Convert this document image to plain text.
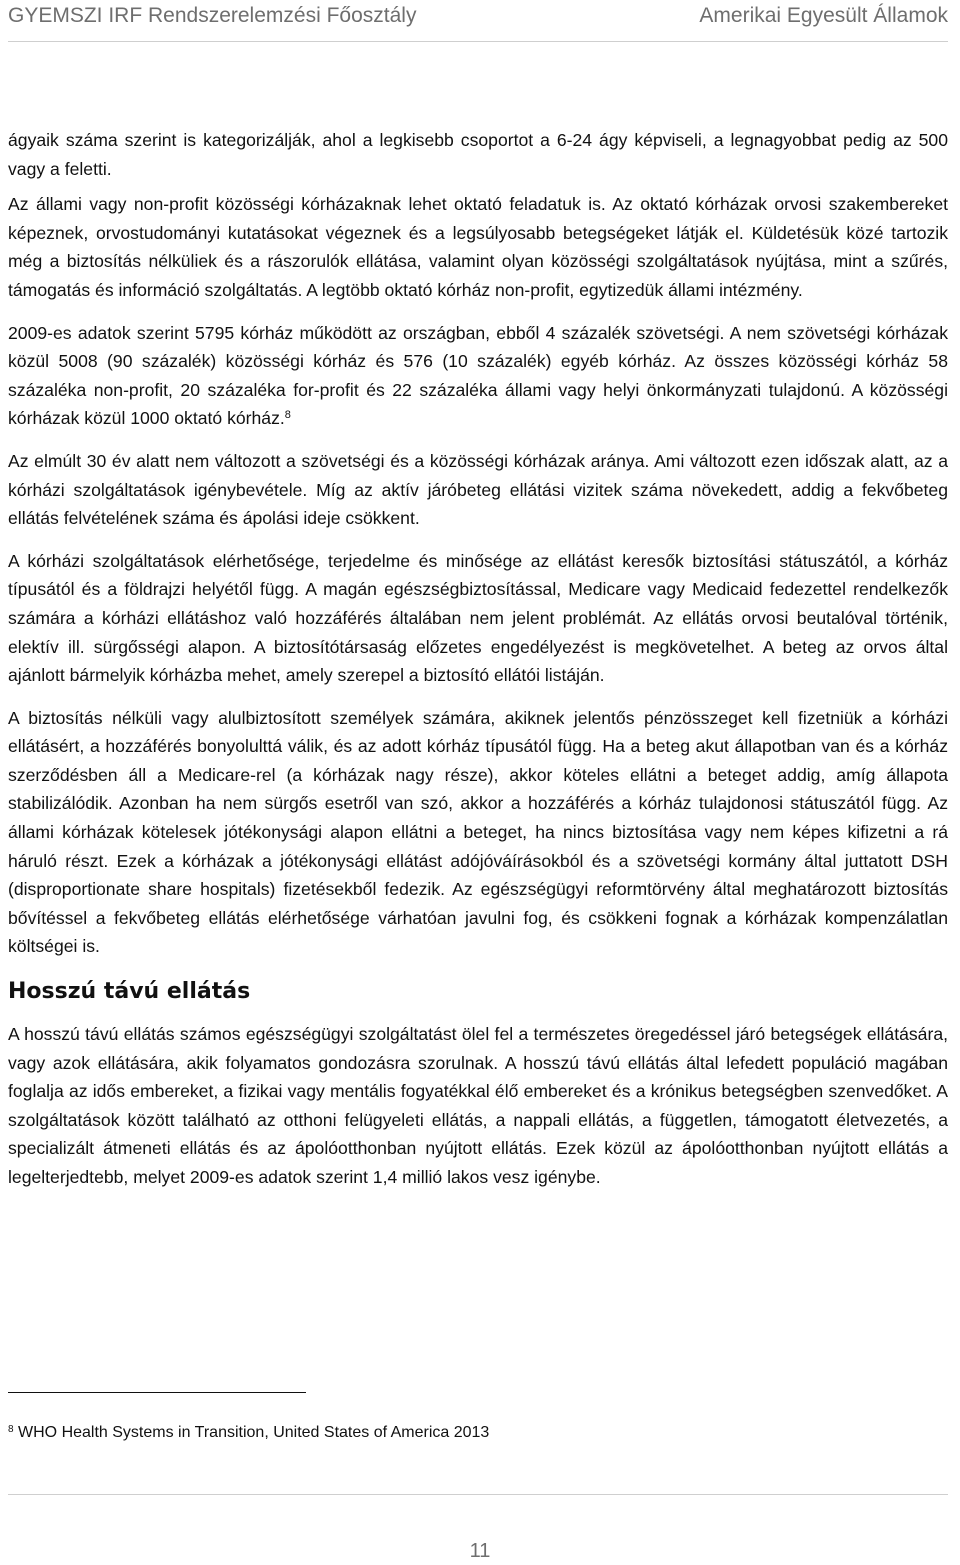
GYEMSZI IRF Rendszerelemzési Főosztály	Amerikai Egyesült Államok

ágyaik száma szerint is kategorizálják, ahol a legkisebb csoportot a 6-24 ágy képviseli, a legnagyobbat pedig az 500 vagy a feletti.

Az állami vagy non-profit közösségi kórházaknak lehet oktató feladatuk is. Az oktató kórházak orvosi szakembereket képeznek, orvostudományi kutatásokat végeznek és a legsúlyosabb betegségeket látják el. Küldetésük közé tartozik még a biztosítás nélküliek és a rászorulók ellátása, valamint olyan közösségi szolgáltatások nyújtása, mint a szűrés, támogatás és információ szolgáltatás. A legtöbb oktató kórház non-profit, egytizedük állami intézmény.

2009-es adatok szerint 5795 kórház működött az országban, ebből 4 százalék szövetségi. A nem szövetségi kórházak közül 5008 (90 százalék) közösségi kórház és 576 (10 százalék) egyéb kórház. Az összes közösségi kórház 58 százaléka non-profit, 20 százaléka for-profit és 22 százaléka állami vagy helyi önkormányzati tulajdonú. A közösségi kórházak közül 1000 oktató kórház.$^8$

Az elmúlt 30 év alatt nem változott a szövetségi és a közösségi kórházak aránya. Ami változott ezen időszak alatt, az a kórházi szolgáltatások igénybevétele. Míg az aktív járóbeteg ellátási vizitek száma növekedett, addig a fekvőbeteg ellátás felvételének száma és ápolási ideje csökkent.

A kórházi szolgáltatások elérhetősége, terjedelme és minősége az ellátást keresők biztosítási státuszától, a kórház típusától és a földrajzi helyétől függ. A magán egészségbiztosítással, Medicare vagy Medicaid fedezettel rendelkezők számára a kórházi ellátáshoz való hozzáférés általában nem jelent problémát. Az ellátás orvosi beutalóval történik, elektív ill. sürgősségi alapon. A biztosítótársaság előzetes engedélyezést is megkövetelhet. A beteg az orvos által ajánlott bármelyik kórházba mehet, amely szerepel a biztosító ellátói listáján.

A biztosítás nélküli vagy alulbiztosított személyek számára, akiknek jelentős pénzösszeget kell fizetniük a kórházi ellátásért, a hozzáférés bonyolulttá válik, és az adott kórház típusától függ. Ha a beteg akut állapotban van és a kórház szerződésben áll a Medicare-rel (a kórházak nagy része), akkor köteles ellátni a beteget addig, amíg állapota stabilizálódik. Azonban ha nem sürgős esetről van szó, akkor a hozzáférés a kórház tulajdonosi státuszától függ. Az állami kórházak kötelesek jótékonysági alapon ellátni a beteget, ha nincs biztosítása vagy nem képes kifizetni a rá háruló részt. Ezek a kórházak a jótékonysági ellátást adójóváírásokból és a szövetségi kormány által juttatott DSH (disproportionate share hospitals) fizetésekből fedezik. Az egészségügyi reformtörvény által meghatározott biztosítás bővítéssel a fekvőbeteg ellátás elérhetősége várhatóan javulni fog, és csökkeni fognak a kórházak kompenzálatlan költségei is.

Hosszú távú ellátás

A hosszú távú ellátás számos egészségügyi szolgáltatást ölel fel a természetes öregedéssel járó betegségek ellátására, vagy azok ellátására, akik folyamatos gondozásra szorulnak. A hosszú távú ellátás által lefedett populáció magában foglalja az idős embereket, a fizikai vagy mentális fogyatékkal élő embereket és a krónikus betegségben szenvedőket. A szolgáltatások között található az otthoni felügyeleti ellátás, a nappali ellátás, a független, támogatott életvezetés, a specializált átmeneti ellátás és az ápolóotthonban nyújtott ellátás. Ezek közül az ápolóotthonban nyújtott ellátás a legelterjedtebb, melyet 2009-es adatok szerint 1,4 millió lakos vesz igénybe.

$^8$ WHO Health Systems in Transition, United States of America 2013
11
